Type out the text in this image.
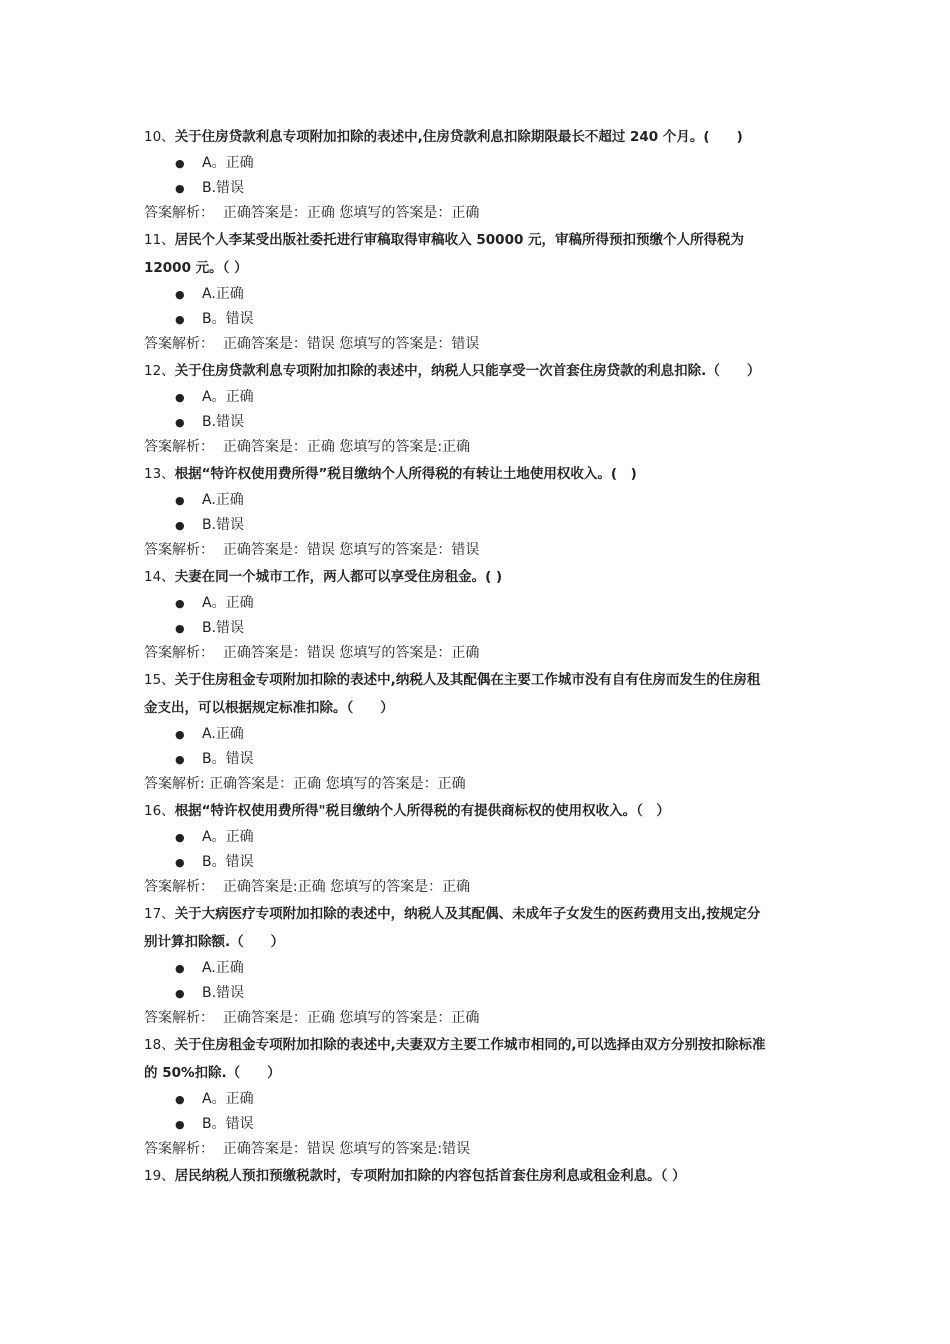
10、关于住房贷款利息专项附加扣除的表述中,住房贷款利息扣除期限最长不超过 240 个月。(　　)
● A。正确
● B.错误
答案解析：  正确答案是：正确 您填写的答案是：正确
11、居民个人李某受出版社委托进行审稿取得审稿收入 50000 元，审稿所得预扣预缴个人所得税为
12000 元。（ ）
● A.正确
● B。错误
答案解析：  正确答案是：错误 您填写的答案是：错误
12、关于住房贷款利息专项附加扣除的表述中，纳税人只能享受一次首套住房贷款的利息扣除.（　　）
● A。正确
● B.错误
答案解析：  正确答案是：正确 您填写的答案是:正确
13、根据“特许权使用费所得”税目缴纳个人所得税的有转让土地使用权收入。(　)
● A.正确
● B.错误
答案解析：  正确答案是：错误 您填写的答案是：错误
14、夫妻在同一个城市工作，两人都可以享受住房租金。( )
● A。正确
● B.错误
答案解析：  正确答案是：错误 您填写的答案是：正确
15、关于住房租金专项附加扣除的表述中,纳税人及其配偶在主要工作城市没有自有住房而发生的住房租
金支出，可以根据规定标准扣除。（　　）
● A.正确
● B。错误
答案解析: 正确答案是：正确 您填写的答案是：正确
16、根据“特许权使用费所得"税目缴纳个人所得税的有提供商标权的使用权收入。（　）
● A。正确
● B。错误
答案解析：  正确答案是:正确 您填写的答案是：正确
17、关于大病医疗专项附加扣除的表述中，纳税人及其配偶、未成年子女发生的医药费用支出,按规定分
别计算扣除额.（　　）
● A.正确
● B.错误
答案解析：  正确答案是：正确 您填写的答案是：正确
18、关于住房租金专项附加扣除的表述中,夫妻双方主要工作城市相同的,可以选择由双方分别按扣除标准
的 50%扣除.（　　）
● A。正确
● B。错误
答案解析：  正确答案是：错误 您填写的答案是:错误
19、居民纳税人预扣预缴税款时，专项附加扣除的内容包括首套住房利息或租金利息。（ ）
